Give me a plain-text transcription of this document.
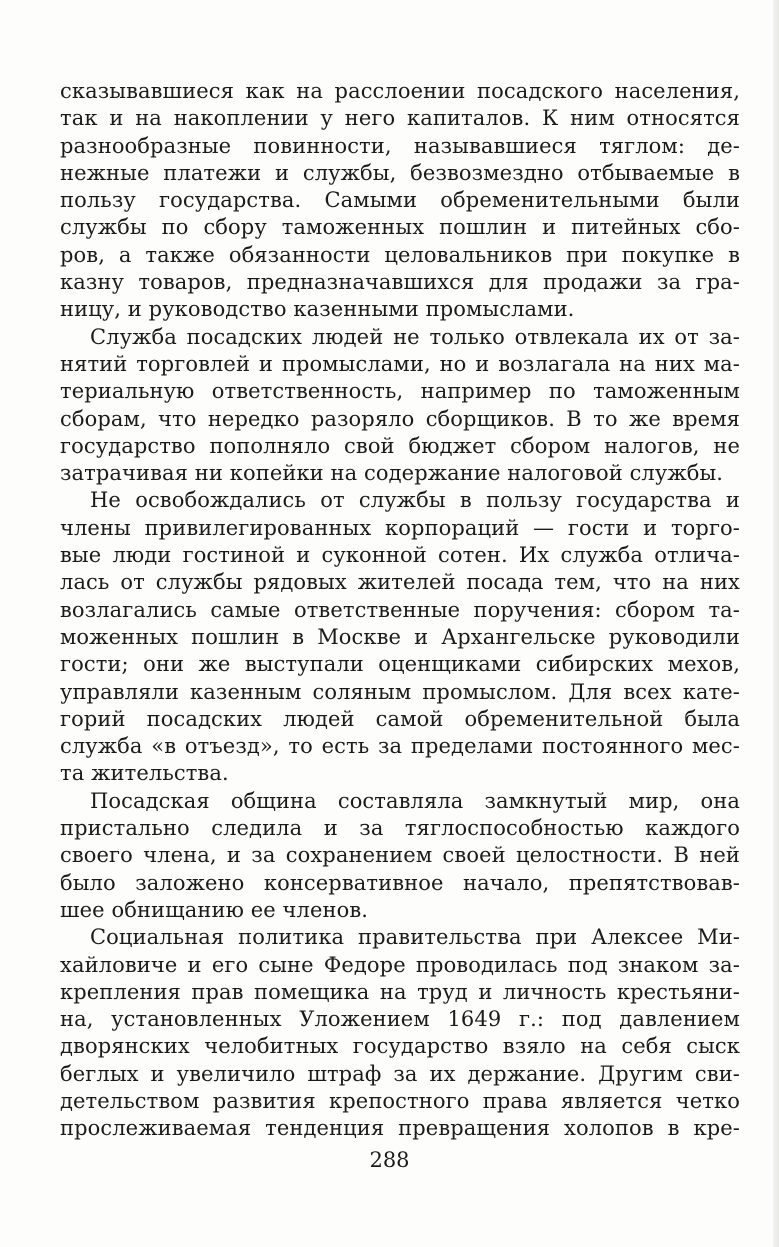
сказывавшиеся как на расслоении посадского населения,
так и на накоплении у него капиталов. К ним относятся
разнообразные повинности, называвшиеся тяглом: де-
нежные платежи и службы, безвозмездно отбываемые в
пользу государства. Самыми обременительными были
службы по сбору таможенных пошлин и питейных сбо-
ров, а также обязанности целовальников при покупке в
казну товаров, предназначавшихся для продажи за гра-
ницу, и руководство казенными промыслами.
Служба посадских людей не только отвлекала их от за-
нятий торговлей и промыслами, но и возлагала на них ма-
териальную ответственность, например по таможенным
сборам, что нередко разоряло сборщиков. В то же время
государство пополняло свой бюджет сбором налогов, не
затрачивая ни копейки на содержание налоговой службы.
Не освобождались от службы в пользу государства и
члены привилегированных корпораций — гости и торго-
вые люди гостиной и суконной сотен. Их служба отлича-
лась от службы рядовых жителей посада тем, что на них
возлагались самые ответственные поручения: сбором та-
моженных пошлин в Москве и Архангельске руководили
гости; они же выступали оценщиками сибирских мехов,
управляли казенным соляным промыслом. Для всех кате-
горий посадских людей самой обременительной была
служба «в отъезд», то есть за пределами постоянного мес-
та жительства.
Посадская община составляла замкнутый мир, она
пристально следила и за тяглоспособностью каждого
своего члена, и за сохранением своей целостности. В ней
было заложено консервативное начало, препятствовав-
шее обнищанию ее членов.
Социальная политика правительства при Алексее Ми-
хайловиче и его сыне Федоре проводилась под знаком за-
крепления прав помещика на труд и личность крестьяни-
на, установленных Уложением 1649 г.: под давлением
дворянских челобитных государство взяло на себя сыск
беглых и увеличило штраф за их держание. Другим сви-
детельством развития крепостного права является четко
прослеживаемая тенденция превращения холопов в кре-
288
